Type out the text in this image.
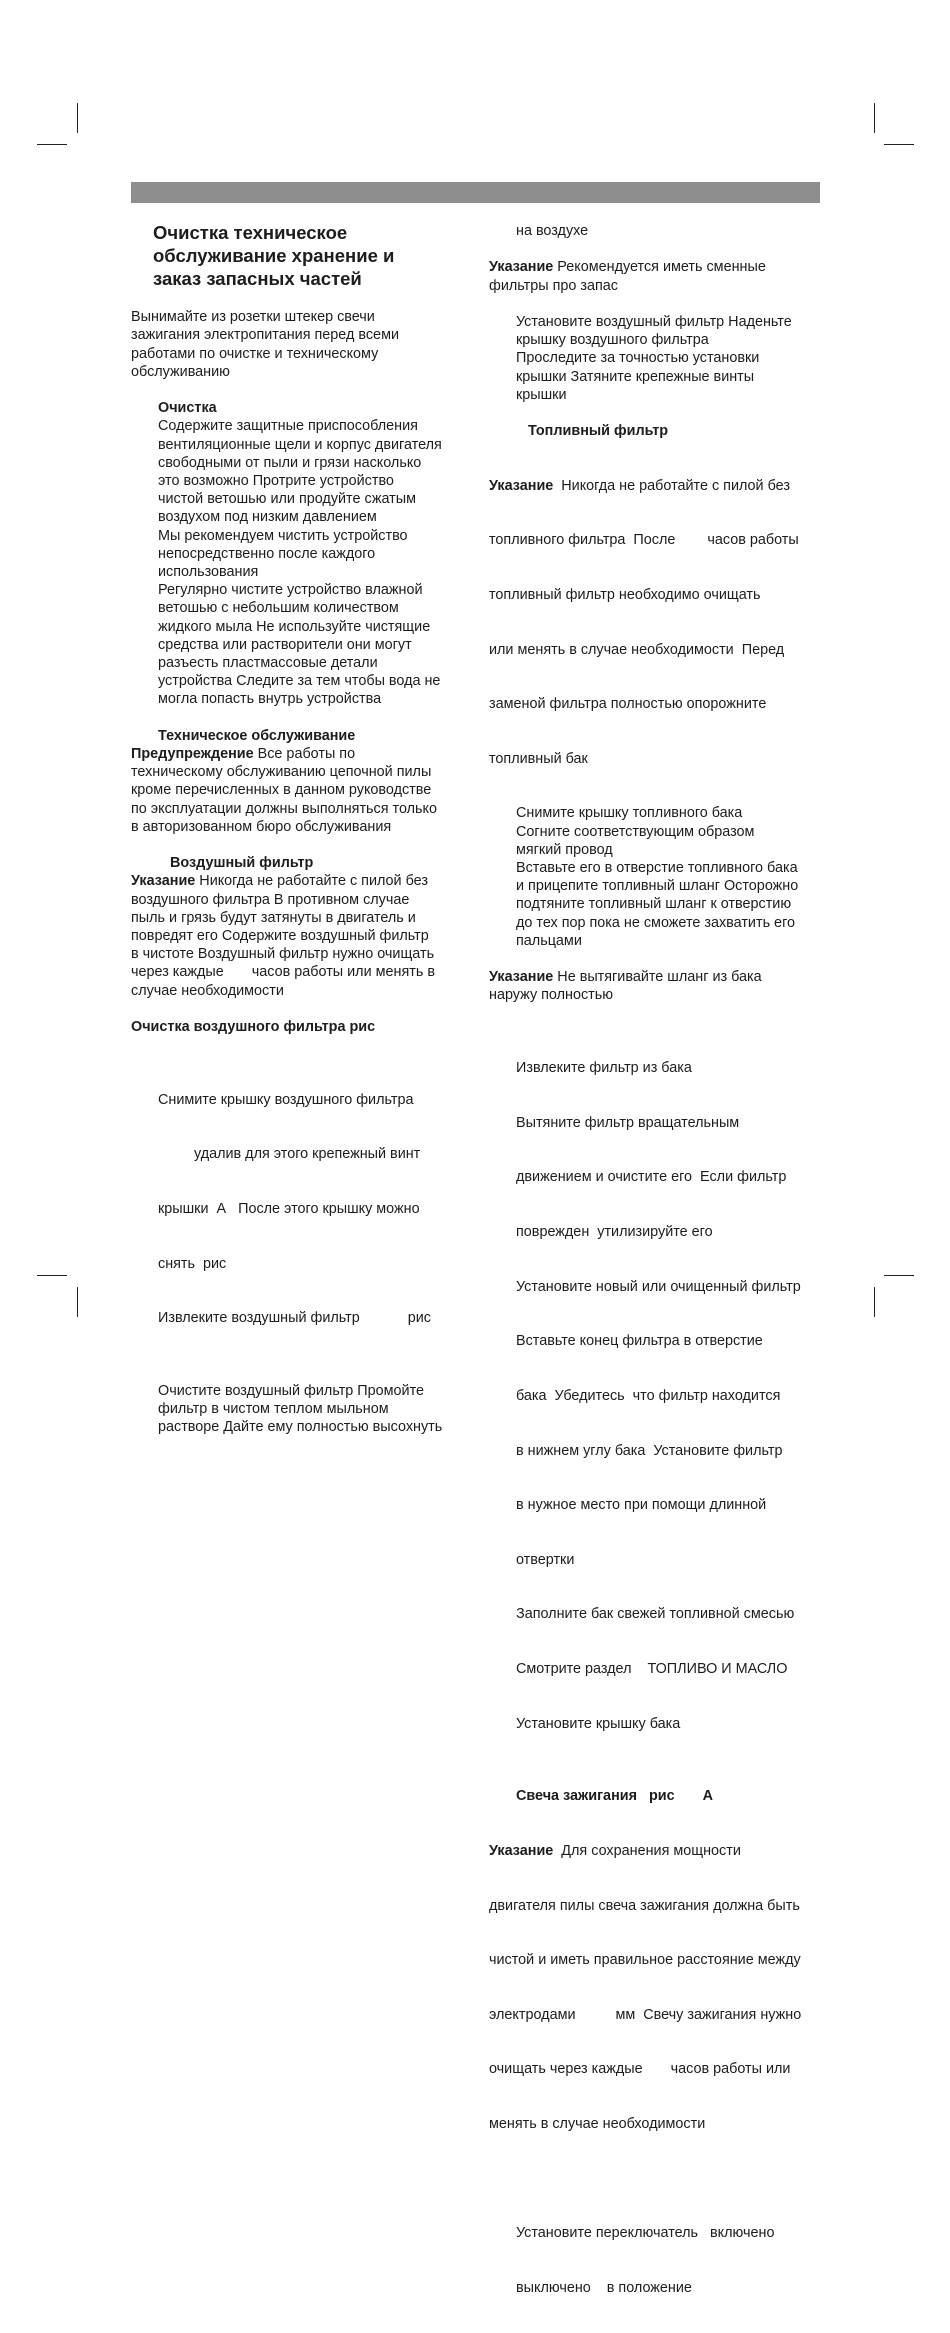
Очистка техническое
обслуживание хранение и
заказ запасных частей

Вынимайте из розетки штекер свечи

зажигания электропитания перед всеми

работами по очистке и техническому

обслуживанию

Очистка

Содержите защитные приспособления

вентиляционные щели и корпус двигателя

свободными от пыли и грязи насколько

это возможно Протрите устройство

чистой ветошью или продуйте сжатым

воздухом под низким давлением

Мы рекомендуем чистить устройство

непосредственно после каждого

использования

Регулярно чистите устройство влажной

ветошью с небольшим количеством

жидкого мыла Не используйте чистящие

средства или растворители они могут

разъесть пластмассовые детали

устройства Следите за тем чтобы вода не

могла попасть внутрь устройства

Техническое обслуживание

Предупреждение Все работы по

техническому обслуживанию цепочной пилы

кроме перечисленных в данном руководстве

по эксплуатации должны выполняться только

в авторизованном бюро обслуживания

Воздушный фильтр

Указание Никогда не работайте с пилой без

воздушного фильтра В противном случае

пыль и грязь будут затянуты в двигатель и

повредят его Содержите воздушный фильтр

в чистоте Воздушный фильтр нужно очищать

через каждые       часов работы или менять в

случае необходимости

Очистка воздушного фильтра рис

Снимите крышку воздушного фильтра

удалив для этого крепежный винт

крышки  А   После этого крышку можно

снять  рис

Извлеките воздушный фильтр            рис

Очистите воздушный фильтр Промойте

фильтр в чистом теплом мыльном

растворе Дайте ему полностью высохнуть

на воздухе

Указание Рекомендуется иметь сменные

фильтры про запас

Установите воздушный фильтр Наденьте

крышку воздушного фильтра

Проследите за точностью установки

крышки Затяните крепежные винты

крышки

Топливный фильтр

Указание  Никогда не работайте с пилой без

топливного фильтра  После        часов работы

топливный фильтр необходимо очищать

или менять в случае необходимости  Перед

заменой фильтра полностью опорожните

топливный бак

Снимите крышку топливного бака

Согните соответствующим образом

мягкий провод

Вставьте его в отверстие топливного бака

и прицепите топливный шланг Осторожно

подтяните топливный шланг к отверстию

до тех пор пока не сможете захватить его

пальцами

Указание Не вытягивайте шланг из бака

наружу полностью

Извлеките фильтр из бака

Вытяните фильтр вращательным

движением и очистите его  Если фильтр

поврежден  утилизируйте его

Установите новый или очищенный фильтр

Вставьте конец фильтра в отверстие

бака  Убедитесь  что фильтр находится

в нижнем углу бака  Установите фильтр

в нужное место при помощи длинной

отвертки

Заполните бак свежей топливной смесью

Смотрите раздел    ТОПЛИВО И МАСЛО

Установите крышку бака

Свеча зажигания   рис       А

Указание  Для сохранения мощности

двигателя пилы свеча зажигания должна быть

чистой и иметь правильное расстояние между

электродами          мм  Свечу зажигания нужно

очищать через каждые       часов работы или

менять в случае необходимости

Установите переключатель   включено

выключено    в положение
